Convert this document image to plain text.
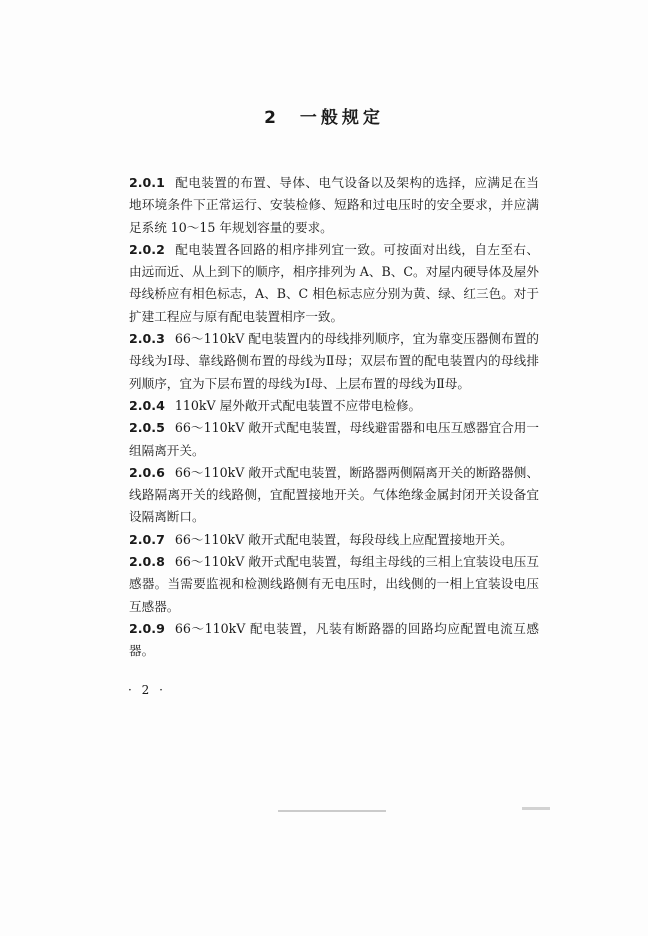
2 一般规定

2.0.1 配电装置的布置、导体、电气设备以及架构的选择，应满足在当地环境条件下正常运行、安装检修、短路和过电压时的安全要求，并应满足系统 10～15 年规划容量的要求。

2.0.2 配电装置各回路的相序排列宜一致。可按面对出线，自左至右、由远而近、从上到下的顺序，相序排列为 A、B、C。对屋内硬导体及屋外母线桥应有相色标志，A、B、C 相色标志应分别为黄、绿、红三色。对于扩建工程应与原有配电装置相序一致。

2.0.3 66～110kV 配电装置内的母线排列顺序，宜为靠变压器侧布置的母线为Ⅰ母、靠线路侧布置的母线为Ⅱ母；双层布置的配电装置内的母线排列顺序，宜为下层布置的母线为Ⅰ母、上层布置的母线为Ⅱ母。

2.0.4 110kV 屋外敞开式配电装置不应带电检修。

2.0.5 66～110kV 敞开式配电装置，母线避雷器和电压互感器宜合用一组隔离开关。

2.0.6 66～110kV 敞开式配电装置，断路器两侧隔离开关的断路器侧、线路隔离开关的线路侧，宜配置接地开关。气体绝缘金属封闭开关设备宜设隔离断口。

2.0.7 66～110kV 敞开式配电装置，每段母线上应配置接地开关。

2.0.8 66～110kV 敞开式配电装置，每组主母线的三相上宜装设电压互感器。当需要监视和检测线路侧有无电压时，出线侧的一相上宜装设电压互感器。

2.0.9 66～110kV 配电装置，凡装有断路器的回路均应配置电流互感器。

· 2 ·
